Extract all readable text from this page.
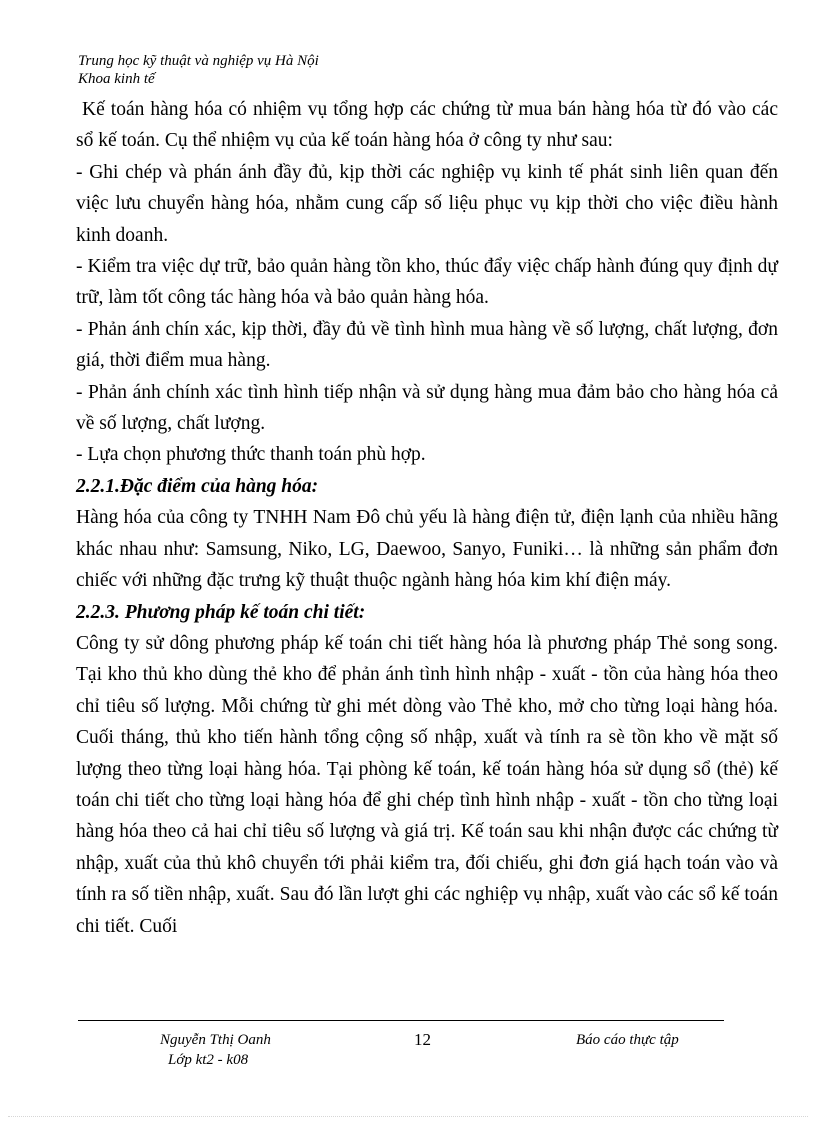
Trung học kỹ thuật và nghiệp vụ Hà Nội
Khoa kinh tế

Kế toán hàng hóa có nhiệm vụ tổng hợp các chứng từ mua bán hàng hóa từ đó vào các sổ kế toán. Cụ thể nhiệm vụ của kế toán hàng hóa ở công ty như sau:

- Ghi chép và phán ánh đầy đủ, kịp thời các nghiệp vụ kinh tế phát sinh liên quan đến việc lưu chuyển hàng hóa, nhằm cung cấp số liệu phục vụ kịp thời cho việc điều hành kinh doanh.

- Kiểm tra việc dự trữ, bảo quản hàng tồn kho, thúc đẩy việc chấp hành đúng quy định dự trữ, làm tốt công tác hàng hóa và bảo quản hàng hóa.

- Phản ánh chín xác, kịp thời, đầy đủ về tình hình mua hàng về số lượng, chất lượng, đơn giá, thời điểm mua hàng.

- Phản ánh chính xác tình hình tiếp nhận và sử dụng hàng mua đảm bảo cho hàng hóa cả về số lượng, chất lượng.

- Lựa chọn phương thức thanh toán phù hợp.

2.2.1.Đặc điểm của hàng hóa:

Hàng hóa của công ty TNHH Nam Đô chủ yếu là hàng điện tử, điện lạnh của nhiều hãng khác nhau như: Samsung, Niko, LG, Daewoo, Sanyo, Funiki… là những sản phẩm đơn chiếc với những đặc trưng kỹ thuật thuộc ngành hàng hóa kim khí điện máy.

2.2.3. Phương pháp kế toán chi tiết:

Công ty sử dông phương pháp kế toán chi tiết hàng hóa là phương pháp Thẻ song song. Tại kho thủ kho dùng thẻ kho để phản ánh tình hình nhập - xuất - tồn của hàng hóa theo chỉ tiêu số lượng. Mỗi chứng từ ghi mét dòng vào Thẻ kho, mở cho từng loại hàng hóa. Cuối tháng, thủ kho tiến hành tổng cộng số nhập, xuất và tính ra sè tồn kho về mặt số lượng theo từng loại hàng hóa. Tại phòng kế toán, kế toán hàng hóa sử dụng sổ (thẻ) kế toán chi tiết cho từng loại hàng hóa để ghi chép tình hình nhập - xuất - tồn cho từng loại hàng hóa theo cả hai chỉ tiêu số lượng và giá trị. Kế toán sau khi nhận được các chứng từ nhập, xuất của thủ khô chuyển tới phải kiểm tra, đối chiếu, ghi đơn giá hạch toán vào và tính ra số tiền nhập, xuất. Sau đó lần lượt ghi các nghiệp vụ nhập, xuất vào các sổ kế toán chi tiết. Cuối

Nguyễn Tthị Oanh
Lớp kt2 - k08
12	Báo cáo thực tập
